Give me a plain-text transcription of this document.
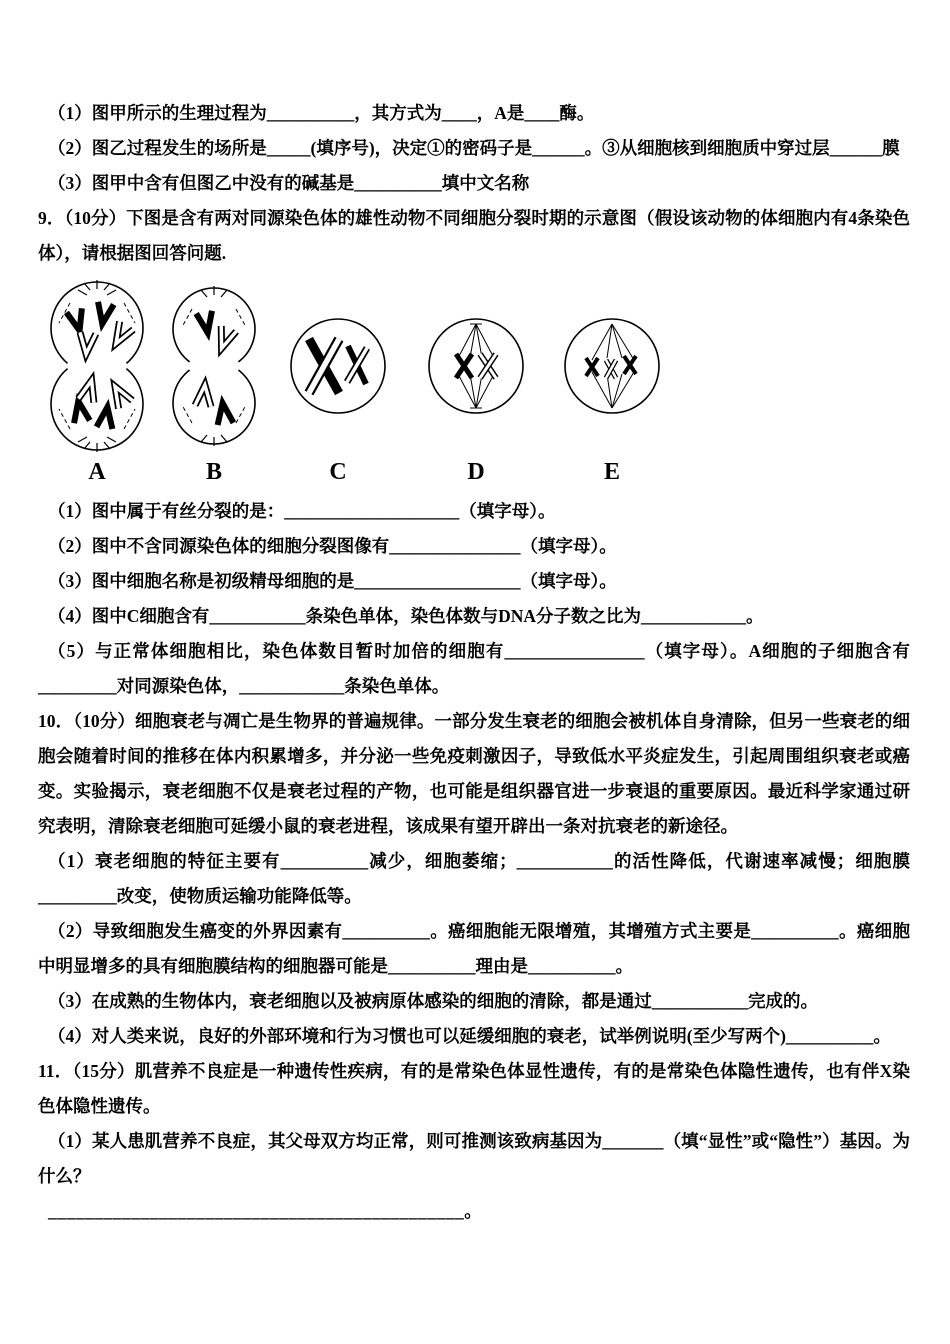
（1）图甲所示的生理过程为__________，其方式为____，A是____酶。

（2）图乙过程发生的场所是_____(填序号)，决定①的密码子是______。③从细胞核到细胞质中穿过层______膜

（3）图甲中含有但图乙中没有的碱基是__________填中文名称

9．（10分）下图是含有两对同源染色体的雄性动物不同细胞分裂时期的示意图（假设该动物的体细胞内有4条染色体），请根据图回答问题.

A	B	C	D	E

（1）图中属于有丝分裂的是：____________________（填字母）。

（2）图中不含同源染色体的细胞分裂图像有_______________（填字母）。

（3）图中细胞名称是初级精母细胞的是___________________（填字母）。

（4）图中C细胞含有___________条染色单体，染色体数与DNA分子数之比为____________。

（5）与正常体细胞相比，染色体数目暂时加倍的细胞有________________（填字母）。A细胞的子细胞含有_________对同源染色体，____________条染色单体。

10．（10分）细胞衰老与凋亡是生物界的普遍规律。一部分发生衰老的细胞会被机体自身清除，但另一些衰老的细胞会随着时间的推移在体内积累增多，并分泌一些免疫刺激因子，导致低水平炎症发生，引起周围组织衰老或癌变。实验揭示，衰老细胞不仅是衰老过程的产物，也可能是组织器官进一步衰退的重要原因。最近科学家通过研究表明，清除衰老细胞可延缓小鼠的衰老进程，该成果有望开辟出一条对抗衰老的新途径。

（1）衰老细胞的特征主要有__________减少，细胞萎缩；___________的活性降低，代谢速率减慢；细胞膜_________改变，使物质运输功能降低等。

（2）导致细胞发生癌变的外界因素有__________。癌细胞能无限增殖，其增殖方式主要是__________。癌细胞中明显增多的具有细胞膜结构的细胞器可能是__________理由是__________。

（3）在成熟的生物体内，衰老细胞以及被病原体感染的细胞的清除，都是通过___________完成的。

（4）对人类来说，良好的外部环境和行为习惯也可以延缓细胞的衰老，试举例说明(至少写两个)__________。

11．（15分）肌营养不良症是一种遗传性疾病，有的是常染色体显性遗传，有的是常染色体隐性遗传，也有伴X染色体隐性遗传。

（1）某人患肌营养不良症，其父母双方均正常，则可推测该致病基因为_______（填“显性”或“隐性”）基因。为什么？

_____________________________________________。
